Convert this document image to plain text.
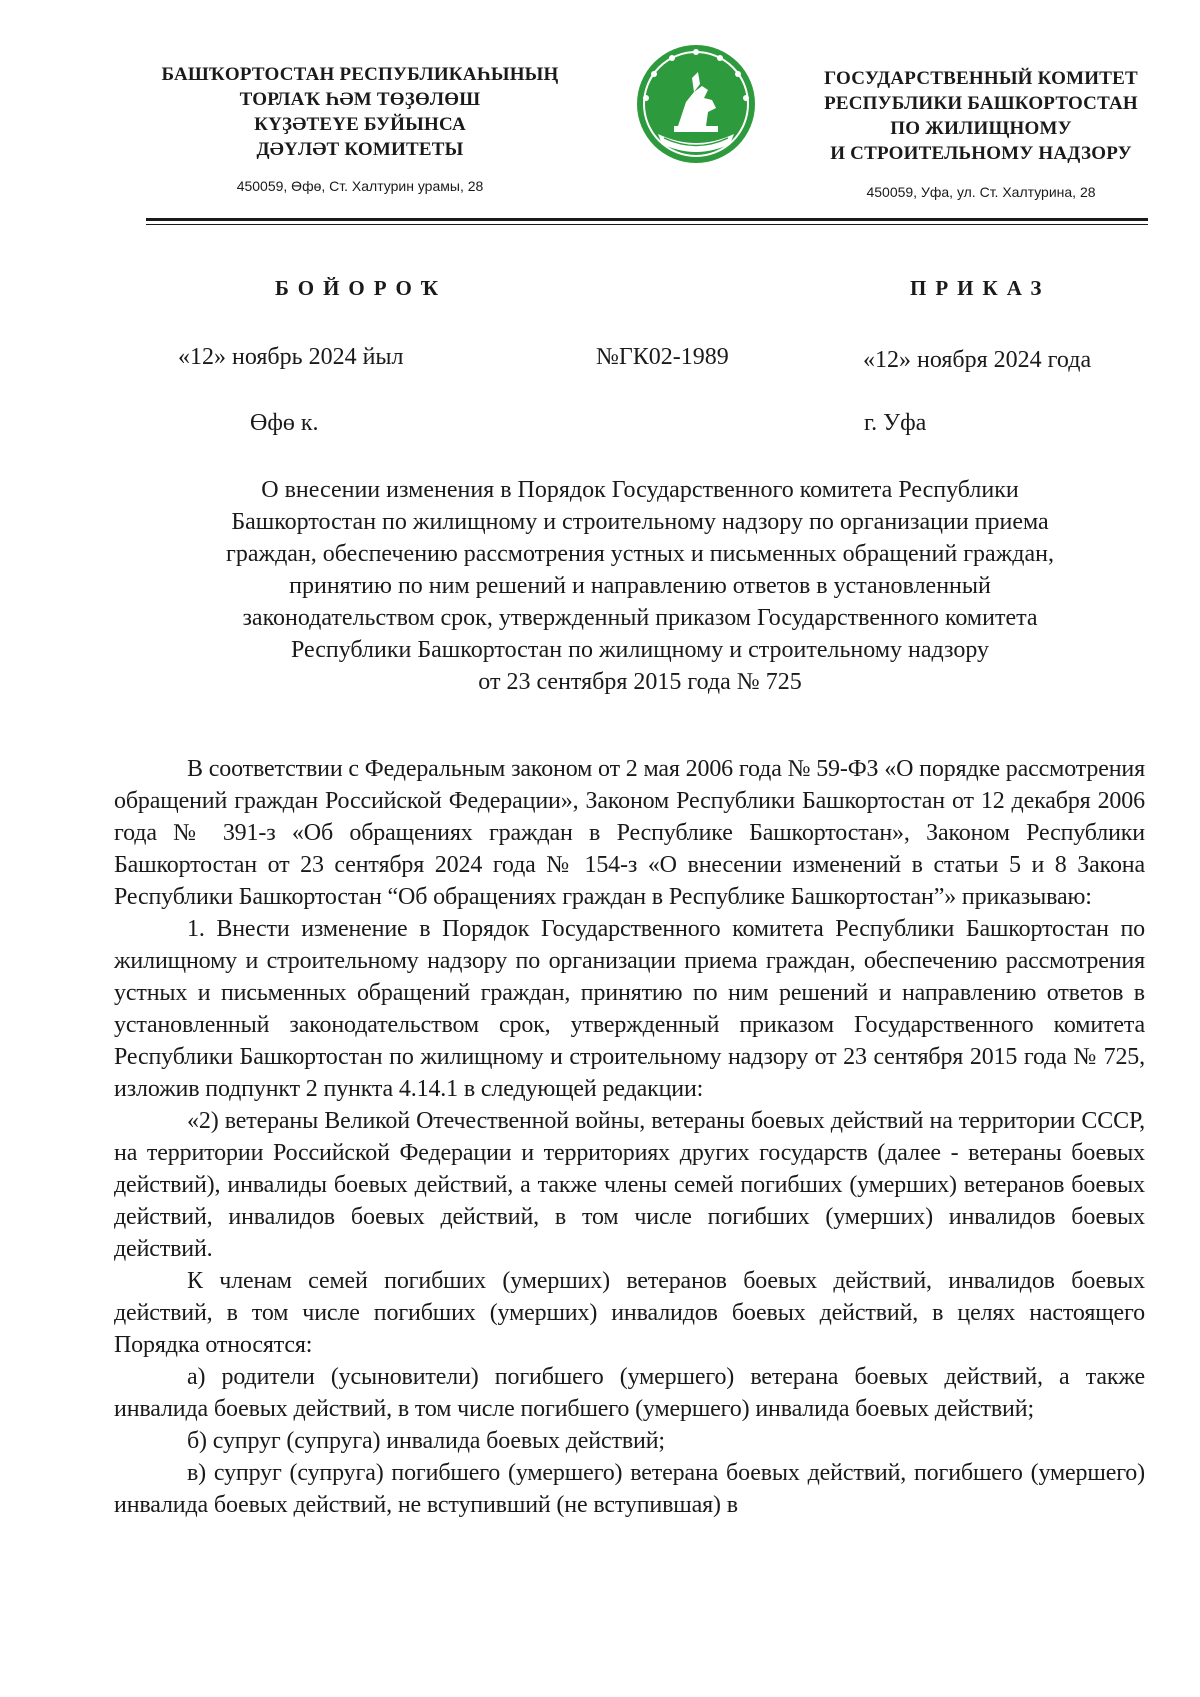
БАШҠОРТОСТАН РЕСПУБЛИКАҺЫНЫҢ
ТОРЛАҠ ҺӘМ ТӨҘӨЛӨШ
КҮҘӘТЕҮЕ БУЙЫНСА
ДӘҮЛӘТ КОМИТЕТЫ
450059, Өфө, Ст. Халтурин урамы, 28
ГОСУДАРСТВЕННЫЙ КОМИТЕТ
РЕСПУБЛИКИ БАШКОРТОСТАН
ПО ЖИЛИЩНОМУ
И СТРОИТЕЛЬНОМУ НАДЗОРУ
450059, Уфа, ул. Ст. Халтурина, 28
БОЙОРОҠ	ПРИКАЗ
«12» ноябрь 2024 йыл	№ГК02-1989	«12» ноября 2024 года
Өфө к.	г. Уфа
О внесении изменения в Порядок Государственного комитета Республики
Башкортостан по жилищному и строительному надзору по организации приема
граждан, обеспечению рассмотрения устных и письменных обращений граждан,
принятию по ним решений и направлению ответов в установленный
законодательством срок, утвержденный приказом Государственного комитета
Республики Башкортостан по жилищному и строительному надзору
от 23 сентября 2015 года № 725

В соответствии с Федеральным законом от 2 мая 2006 года № 59-ФЗ «О порядке рассмотрения обращений граждан Российской Федерации», Законом Республики Башкортостан от 12 декабря 2006 года № 391-з «Об обращениях граждан в Республике Башкортостан», Законом Республики Башкортостан от 23 сентября 2024 года № 154-з «О внесении изменений в статьи 5 и 8 Закона Республики Башкортостан “Об обращениях граждан в Республике Башкортостан”» приказываю:

1. Внести изменение в Порядок Государственного комитета Республики Башкортостан по жилищному и строительному надзору по организации приема граждан, обеспечению рассмотрения устных и письменных обращений граждан, принятию по ним решений и направлению ответов в установленный законодательством срок, утвержденный приказом Государственного комитета Республики Башкортостан по жилищному и строительному надзору от 23 сентября 2015 года № 725, изложив подпункт 2 пункта 4.14.1 в следующей редакции:

«2) ветераны Великой Отечественной войны, ветераны боевых действий на территории СССР, на территории Российской Федерации и территориях других государств (далее - ветераны боевых действий), инвалиды боевых действий, а также члены семей погибших (умерших) ветеранов боевых действий, инвалидов боевых действий, в том числе погибших (умерших) инвалидов боевых действий.

К членам семей погибших (умерших) ветеранов боевых действий, инвалидов боевых действий, в том числе погибших (умерших) инвалидов боевых действий, в целях настоящего Порядка относятся:

а) родители (усыновители) погибшего (умершего) ветерана боевых действий, а также инвалида боевых действий, в том числе погибшего (умершего) инвалида боевых действий;

б) супруг (супруга) инвалида боевых действий;

в) супруг (супруга) погибшего (умершего) ветерана боевых действий, погибшего (умершего) инвалида боевых действий, не вступивший (не вступившая) в
